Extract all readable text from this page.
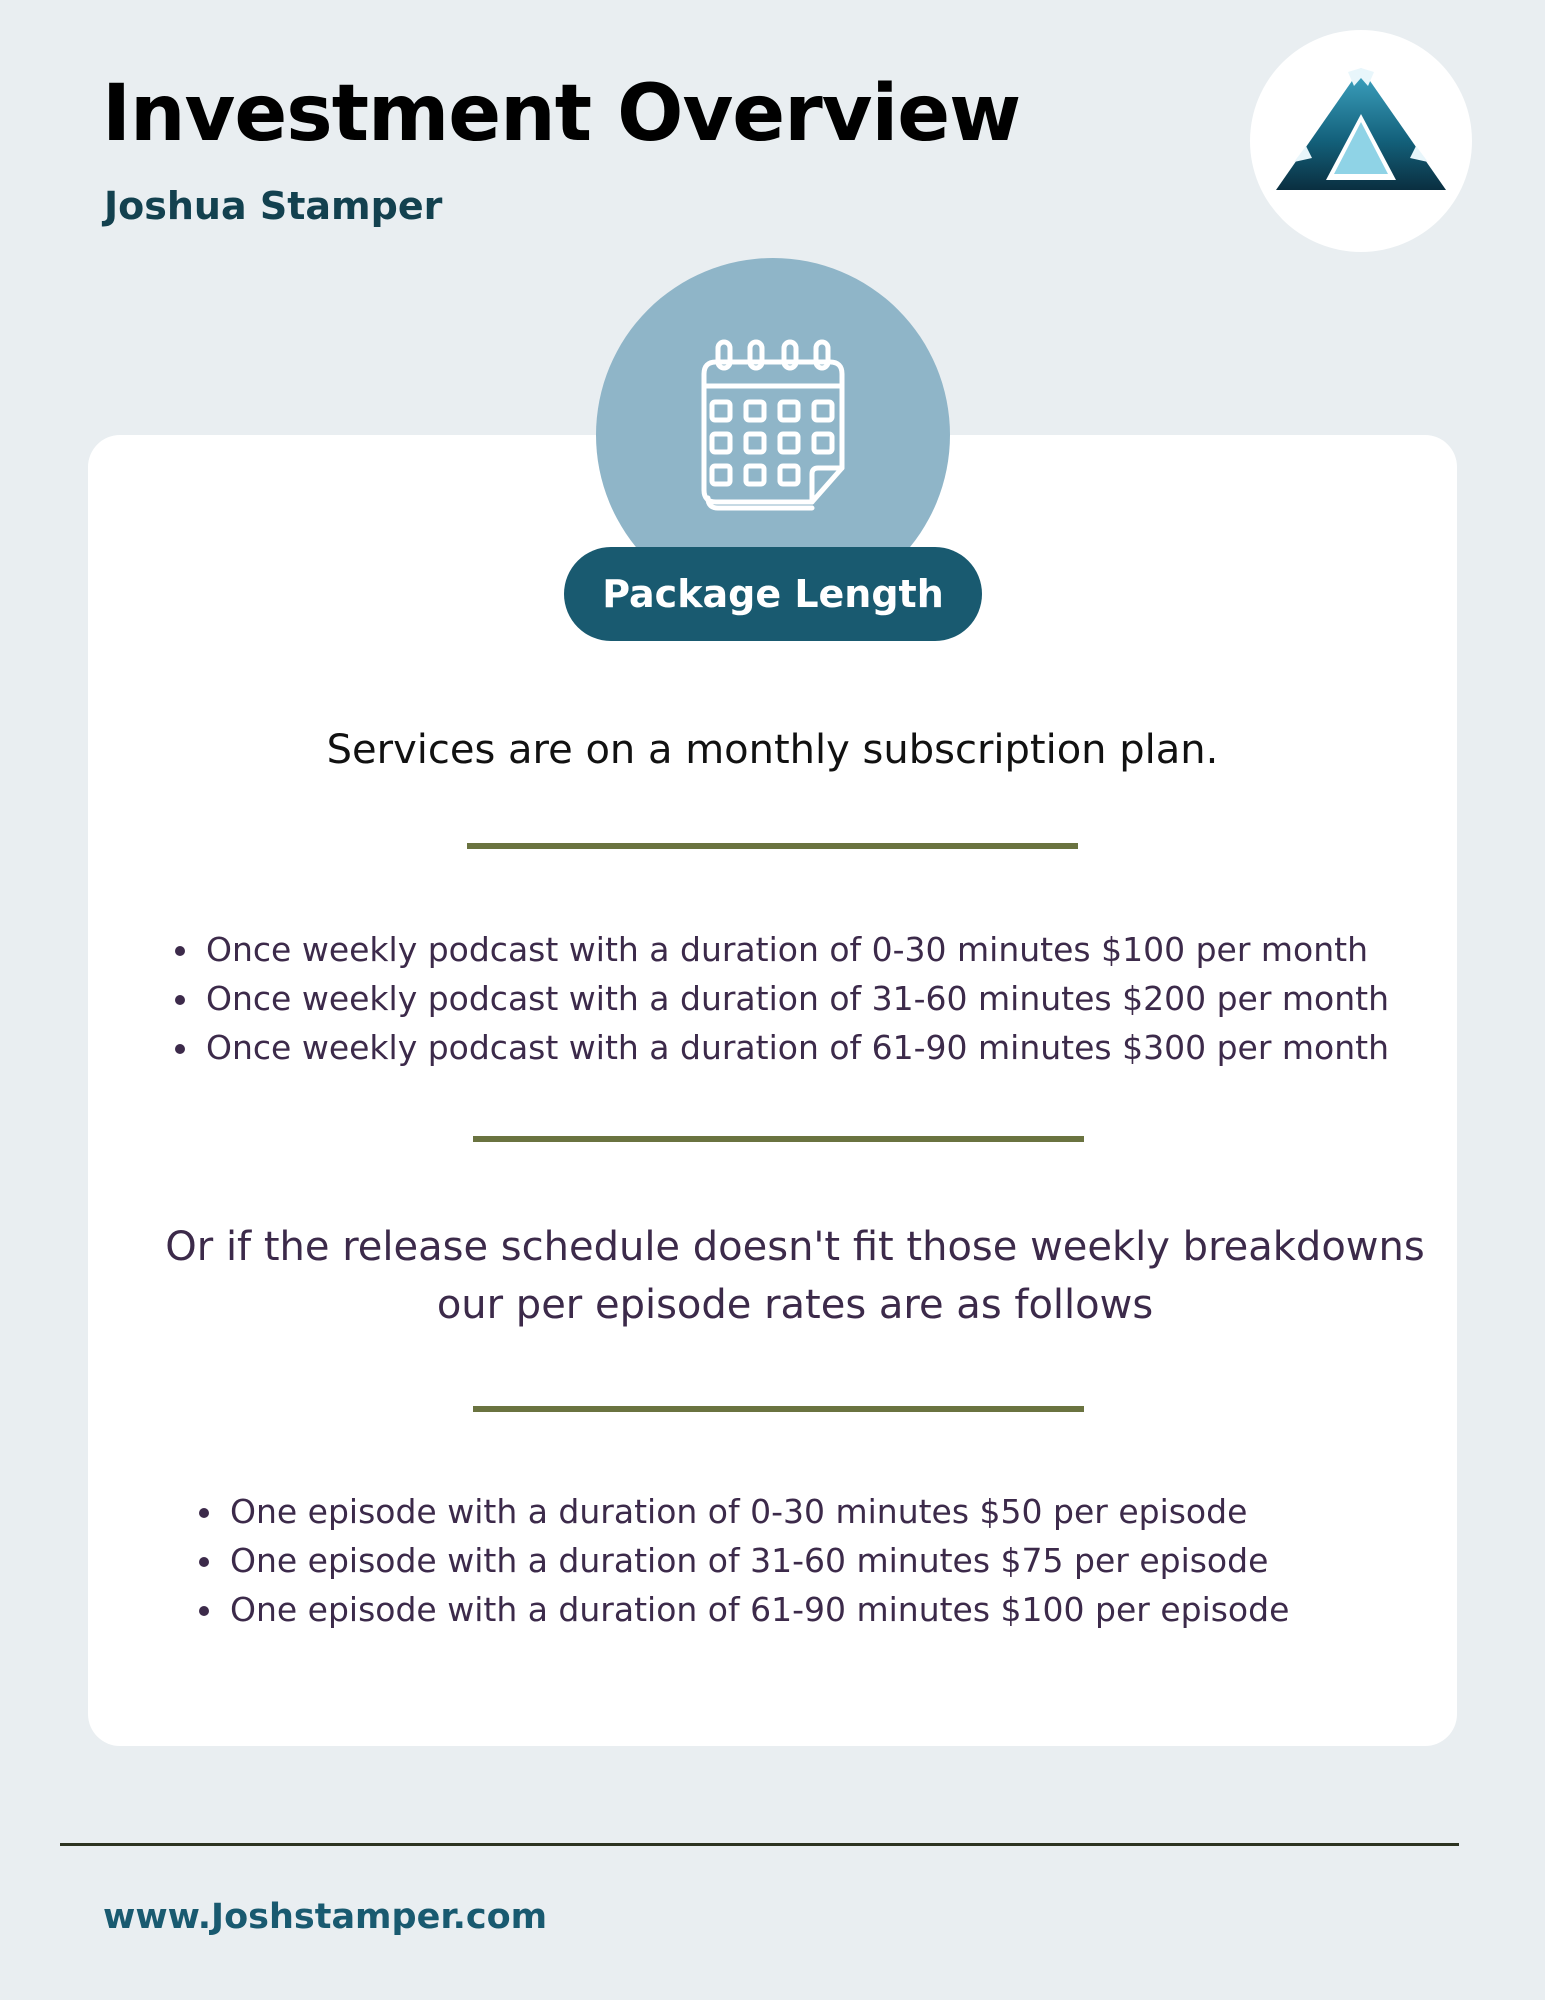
Investment Overview
Joshua Stamper
Package Length
Services are on a monthly subscription plan.
• Once weekly podcast with a duration of 0-30 minutes $100 per month
• Once weekly podcast with a duration of 31-60 minutes $200 per month
• Once weekly podcast with a duration of 61-90 minutes $300 per month
Or if the release schedule doesn't fit those weekly breakdowns our per episode rates are as follows
• One episode with a duration of 0-30 minutes $50 per episode
• One episode with a duration of 31-60 minutes $75 per episode
• One episode with a duration of 61-90 minutes $100 per episode
www.Joshstamper.com
